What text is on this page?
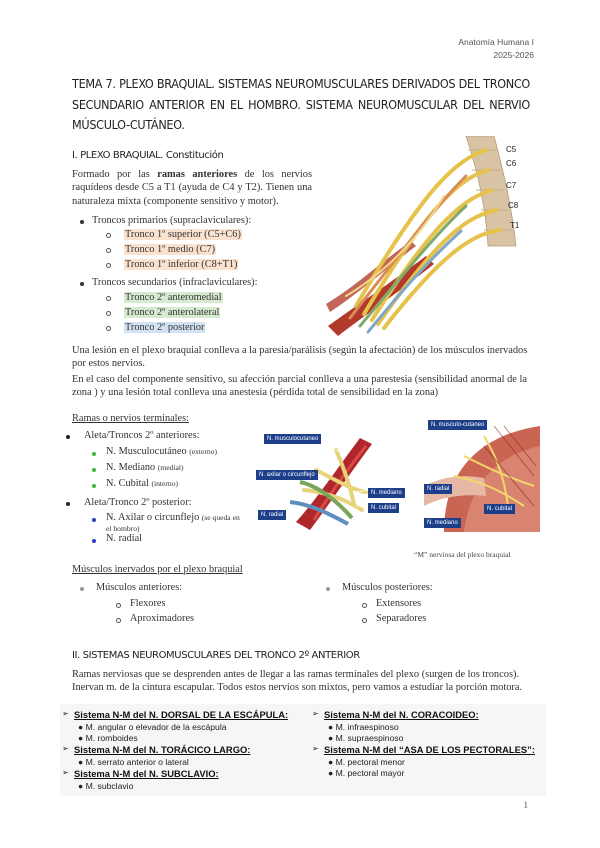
Anatomía Humana I
2025-2026
TEMA 7. PLEXO BRAQUIAL. SISTEMAS NEUROMUSCULARES DERIVADOS DEL TRONCO SECUNDARIO ANTERIOR EN EL HOMBRO. SISTEMA NEUROMUSCULAR DEL NERVIO MÚSCULO-CUTÁNEO.
I. PLEXO BRAQUIAL. Constitución
Formado por las ramas anteriores de los nervios raquídeos desde C5 a T1 (ayuda de C4 y T2). Tienen una naturaleza mixta (componente sensitivo y motor).
Troncos primarios (supraclaviculares):
Tronco 1º superior (C5+C6)
Tronco 1º medio (C7)
Tronco 1º inferior (C8+T1)
Troncos secundarios (infraclaviculares):
Tronco 2º anteromedial
Tronco 2º anterolateral
Tronco 2º posterior
C5
C6
C7
C8
T1
Una lesión en el plexo braquial conlleva a la paresia/parálisis (según la afectación) de los músculos inervados por estos nervios.
En el caso del componente sensitivo, su afección parcial conlleva a una parestesia (sensibilidad anormal de la zona ) y una lesión total conlleva una anestesia (pérdida total de sensibilidad en la zona)
Ramas o nervios terminales:
Aleta/Troncos 2º anteriores:
N. Musculocutáneo (externo)
N. Mediano (medial)
N. Cubital (interno)
Aleta/Tronco 2º posterior:
N. Axilar o circunflejo (se queda en
el hombro)
N. radial
N. musculocutaneo
N. axilar o circunflejo
N. mediano
N. cubital
N. radial
N. musculo-cutaneo
N. radial
N. mediano
N. cubital
“M” nerviosa del plexo braquial
Músculos inervados por el plexo braquial
Músculos anteriores:
Flexores
Aproximadores
Músculos posteriores:
Extensores
Separadores
II. SISTEMAS NEUROMUSCULARES DEL TRONCO 2º ANTERIOR
Ramas nerviosas que se desprenden antes de llegar a las ramas terminales del plexo (surgen de los troncos). Inervan m. de la cintura escapular. Todos estos nervios son mixtos, pero vamos a estudiar la porción motora.
➢ Sistema N-M del N. DORSAL DE LA ESCÁPULA:
● M. angular o elevador de la escápula
● M. romboides
➢ Sistema N-M del N. TORÁCICO LARGO:
● M. serrato anterior o lateral
➢ Sistema N-M del N. SUBCLAVIO:
● M. subclavio
➢ Sistema N-M del N. CORACOIDEO:
● M. infraespinoso
● M. supraespinoso
➢ Sistema N-M del “ASA DE LOS PECTORALES”:
● M. pectoral menor
● M. pectoral mayor
1
